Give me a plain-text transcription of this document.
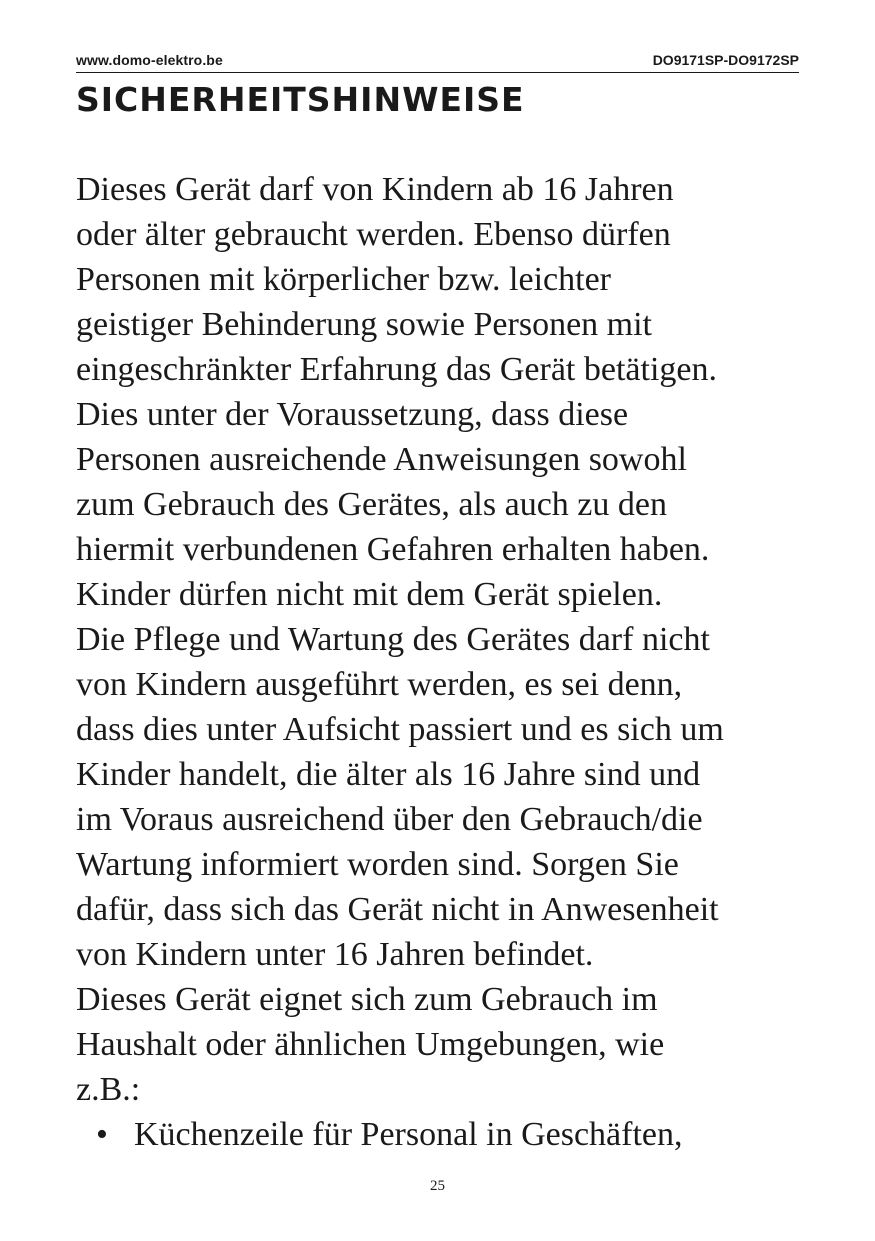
www.domo-elektro.be	DO9171SP-DO9172SP
SICHERHEITSHINWEISE
Dieses Gerät darf von Kindern ab 16 Jahren
oder älter gebraucht werden. Ebenso dürfen
Personen mit körperlicher bzw. leichter
geistiger Behinderung sowie Personen mit
eingeschränkter Erfahrung das Gerät betätigen.
Dies unter der Voraussetzung, dass diese
Personen ausreichende Anweisungen sowohl
zum Gebrauch des Gerätes, als auch zu den
hiermit verbundenen Gefahren erhalten haben.
Kinder dürfen nicht mit dem Gerät spielen.
Die Pflege und Wartung des Gerätes darf nicht
von Kindern ausgeführt werden, es sei denn,
dass dies unter Aufsicht passiert und es sich um
Kinder handelt, die älter als 16 Jahre sind und
im Voraus ausreichend über den Gebrauch/die
Wartung informiert worden sind. Sorgen Sie
dafür, dass sich das Gerät nicht in Anwesenheit
von Kindern unter 16 Jahren befindet.
Dieses Gerät eignet sich zum Gebrauch im
Haushalt oder ähnlichen Umgebungen, wie
z.B.:
• Küchenzeile für Personal in Geschäften,
25
